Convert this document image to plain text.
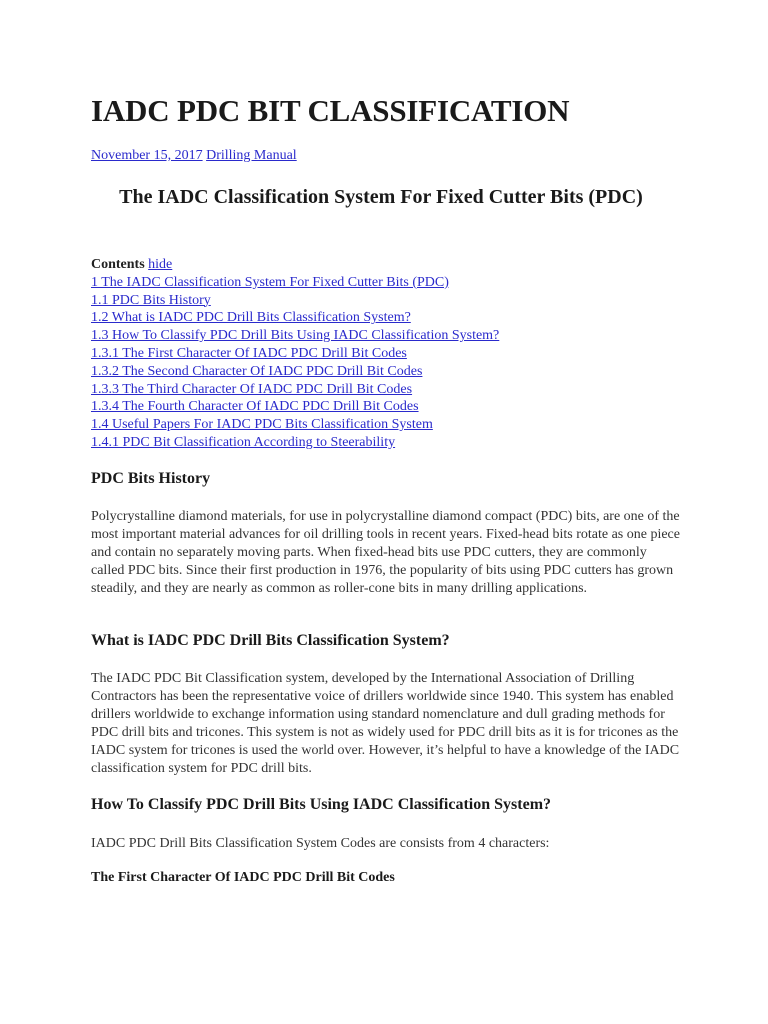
IADC PDC BIT CLASSIFICATION
November 15, 2017 Drilling Manual
The IADC Classification System For Fixed Cutter Bits (PDC)
Contents hide
1 The IADC Classification System For Fixed Cutter Bits (PDC)
1.1 PDC Bits History
1.2 What is IADC PDC Drill Bits Classification System?
1.3 How To Classify PDC Drill Bits Using IADC Classification System?
1.3.1 The First Character Of IADC PDC Drill Bit Codes
1.3.2 The Second Character Of IADC PDC Drill Bit Codes
1.3.3 The Third Character Of IADC PDC Drill Bit Codes
1.3.4 The Fourth Character Of IADC PDC Drill Bit Codes
1.4 Useful Papers For IADC PDC Bits Classification System
1.4.1 PDC Bit Classification According to Steerability
PDC Bits History

Polycrystalline diamond materials, for use in polycrystalline diamond compact (PDC) bits, are one of the most important material advances for oil drilling tools in recent years. Fixed-head bits rotate as one piece and contain no separately moving parts. When fixed-head bits use PDC cutters, they are commonly called PDC bits. Since their first production in 1976, the popularity of bits using PDC cutters has grown steadily, and they are nearly as common as roller-cone bits in many drilling applications.

What is IADC PDC Drill Bits Classification System?

The IADC PDC Bit Classification system, developed by the International Association of Drilling Contractors has been the representative voice of drillers worldwide since 1940. This system has enabled drillers worldwide to exchange information using standard nomenclature and dull grading methods for PDC drill bits and tricones. This system is not as widely used for PDC drill bits as it is for tricones as the IADC system for tricones is used the world over. However, it’s helpful to have a knowledge of the IADC classification system for PDC drill bits.

How To Classify PDC Drill Bits Using IADC Classification System?

IADC PDC Drill Bits Classification System Codes are consists from 4 characters:

The First Character Of IADC PDC Drill Bit Codes
